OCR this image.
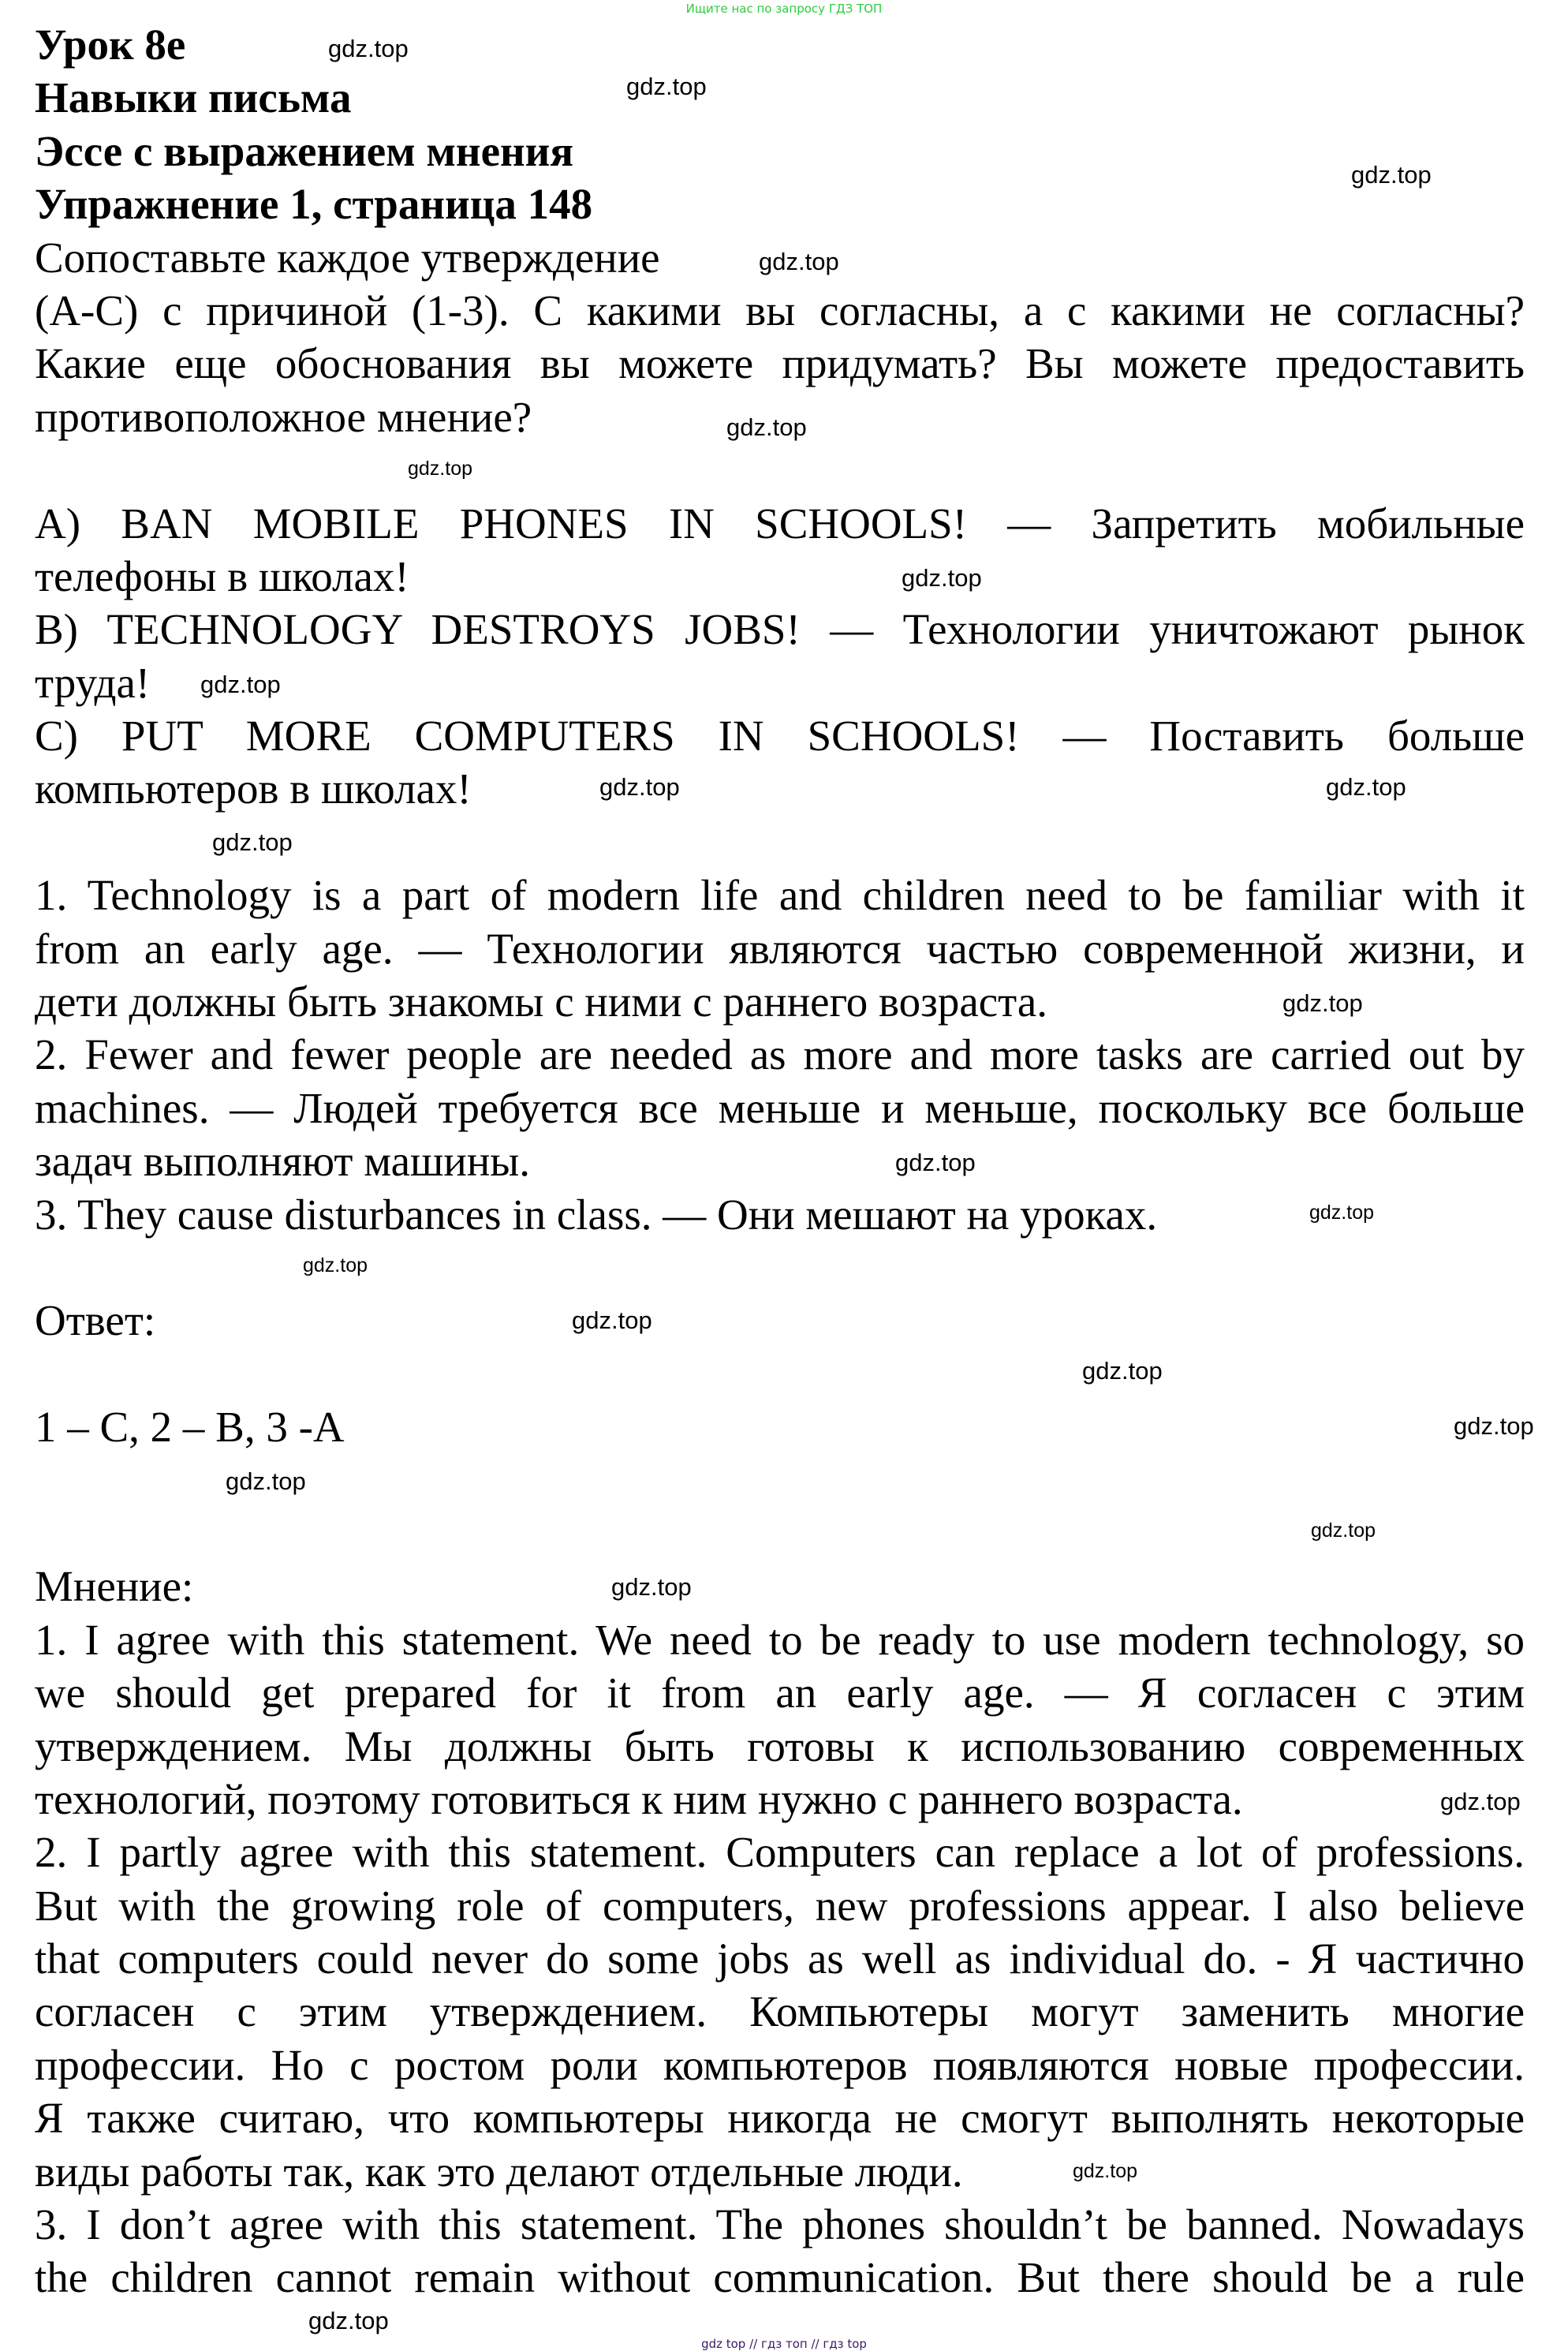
Ищите нас по запросу ГДЗ ТОП
Урок 8е
Навыки письма
Эссе с выражением мнения
Упражнение 1, страница 148
Сопоставьте каждое утверждение
(A-C) с причиной (1-3). С какими вы согласны, а с какими не согласны?
Какие еще обоснования вы можете придумать? Вы можете предоставить
противоположное мнение?
A) BAN MOBILE PHONES IN SCHOOLS! — Запретить мобильные
телефоны в школах!
B) TECHNOLOGY DESTROYS JOBS! — Технологии уничтожают рынок
труда!
C) PUT MORE COMPUTERS IN SCHOOLS! — Поставить больше
компьютеров в школах!
1. Technology is a part of modern life and children need to be familiar with it
from an early age. — Технологии являются частью современной жизни, и
дети должны быть знакомы с ними с раннего возраста.
2. Fewer and fewer people are needed as more and more tasks are carried out by
machines. — Людей требуется все меньше и меньше, поскольку все больше
задач выполняют машины.
3. They cause disturbances in class. — Они мешают на уроках.
Ответ:
1 – C, 2 – B, 3 -A
Мнение:
1. I agree with this statement. We need to be ready to use modern technology, so
we should get prepared for it from an early age. — Я согласен с этим
утверждением. Мы должны быть готовы к использованию современных
технологий, поэтому готовиться к ним нужно с раннего возраста.
2. I partly agree with this statement. Computers can replace a lot of professions.
But with the growing role of computers, new professions appear. I also believe
that computers could never do some jobs as well as individual do. - Я частично
согласен с этим утверждением. Компьютеры могут заменить многие
профессии. Но с ростом роли компьютеров появляются новые профессии.
Я также считаю, что компьютеры никогда не смогут выполнять некоторые
виды работы так, как это делают отдельные люди.
3. I don’t agree with this statement. The phones shouldn’t be banned. Nowadays
the children cannot remain without communication. But there should be a rule
gdz.top
gdz.top
gdz.top
gdz.top
gdz.top
gdz.top
gdz.top
gdz.top
gdz.top
gdz.top
gdz.top
gdz.top
gdz.top
gdz.top
gdz.top
gdz.top
gdz.top
gdz.top
gdz.top
gdz.top
gdz.top
gdz.top
gdz.top
gdz.top
gdz top // гдз топ // гдз top
